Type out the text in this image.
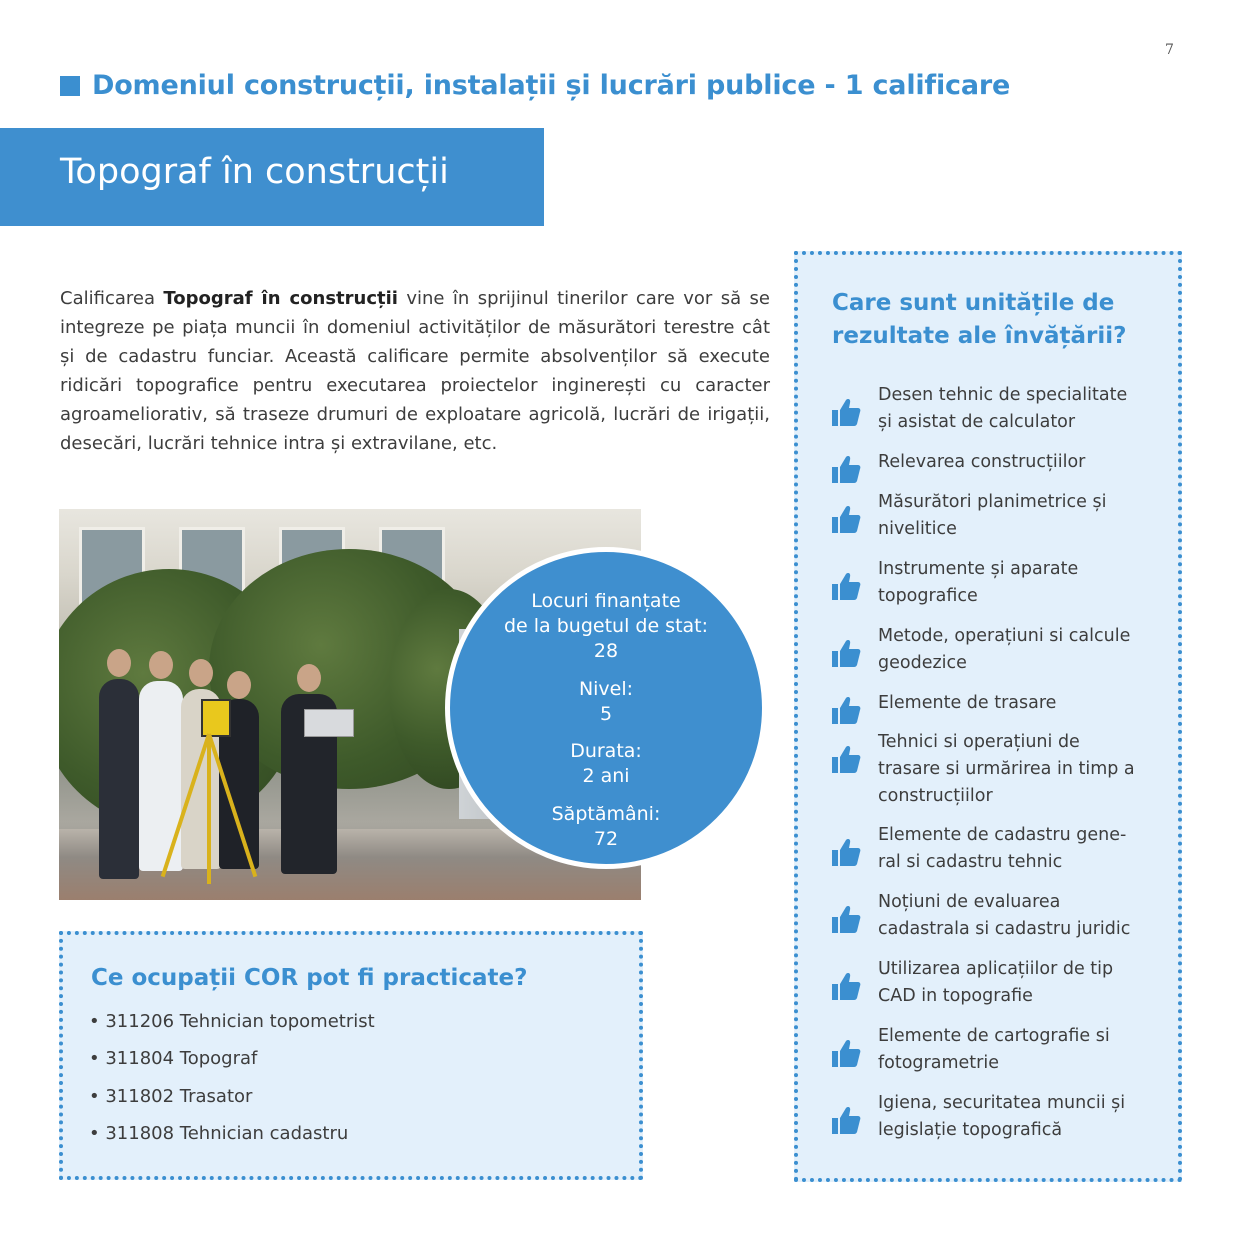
7
Domeniul construcții, instalații și lucrări publice - 1 calificare
Topograf în construcții

Calificarea Topograf în construcții vine în sprijinul tinerilor care vor să se integreze pe piața muncii în domeniul activităților de măsurători terestre cât și de cadastru funciar. Această calificare permite absolvenților să execute ridicări topografice pentru executarea proiectelor inginerești cu caracter agroameliorativ, să traseze drumuri de exploatare agricolă, lucrări de irigații, desecări, lucrări tehnice intra și extravilane, etc.

Locuri finanțate
de la bugetul de stat:
28
Nivel:
5
Durata:
2 ani
Săptămâni:
72
Ce ocupații COR pot fi practicate?
• 311206 Tehnician topometrist
• 311804 Topograf
• 311802 Trasator
• 311808 Tehnician cadastru
Care sunt unitățile de rezultate ale învățării?
Desen tehnic de specialitate
și asistat de calculator
Relevarea construcțiilor
Măsurători planimetrice și
nivelitice
Instrumente și aparate
topografice
Metode, operațiuni si calcule
geodezice
Elemente de trasare
Tehnici si operațiuni de
trasare si urmărirea in timp a
construcțiilor
Elemente de cadastru gene-
ral si cadastru tehnic
Noțiuni de evaluarea
cadastrala si cadastru juridic
Utilizarea aplicațiilor de tip
CAD in topografie
Elemente de cartografie si
fotogrametrie
Igiena, securitatea muncii și
legislație topografică
